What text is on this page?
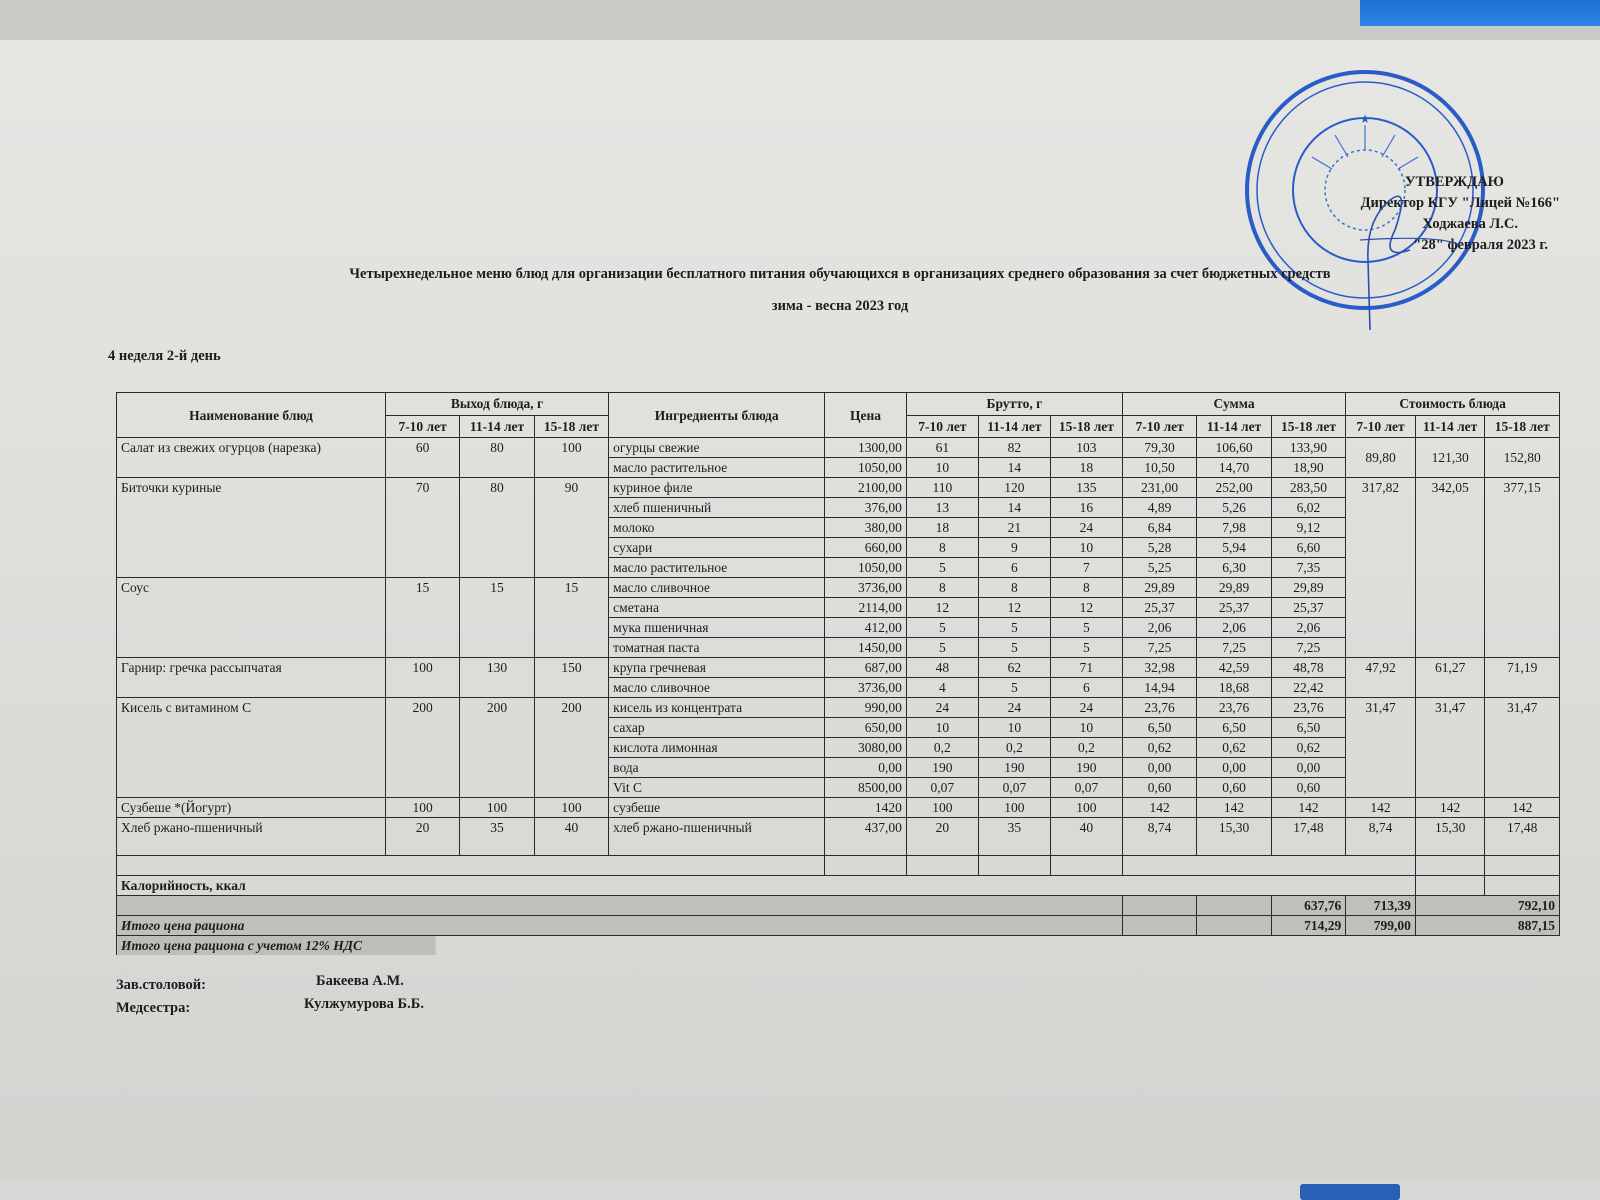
★
УТВЕРЖДАЮ
Директор КГУ "Лицей №166"
Ходжаева Л.С.
"28" февраля 2023 г.
Четырехнедельное меню блюд для организации бесплатного питания обучающихся в организациях среднего образования за счет бюджетных средств
зима - весна 2023 год
4 неделя 2-й день
Наименование блюд	Выход блюда, г			Ингредиенты блюда	Цена	Брутто, г			Сумма			Стоимость блюда		
	7-10 лет	11-14 лет	15-18 лет			7-10 лет	11-14 лет	15-18 лет	7-10 лет	11-14 лет	15-18 лет	7-10 лет	11-14 лет	15-18 лет
Салат из свежих огурцов (нарезка)	60	80	100	огурцы свежие	1300,00	61	82	103	79,30	106,60	133,90	89,80	121,30	152,80
				масло растительное	1050,00	10	14	18	10,50	14,70	18,90			
Биточки куриные	70	80	90	куриное филе	2100,00	110	120	135	231,00	252,00	283,50	317,82	342,05	377,15
				хлеб пшеничный	376,00	13	14	16	4,89	5,26	6,02			
				молоко	380,00	18	21	24	6,84	7,98	9,12			
				сухари	660,00	8	9	10	5,28	5,94	6,60			
				масло растительное	1050,00	5	6	7	5,25	6,30	7,35			
Соус	15	15	15	масло сливочное	3736,00	8	8	8	29,89	29,89	29,89			
				сметана	2114,00	12	12	12	25,37	25,37	25,37			
				мука пшеничная	412,00	5	5	5	2,06	2,06	2,06			
				томатная паста	1450,00	5	5	5	7,25	7,25	7,25			
Гарнир: гречка рассыпчатая	100	130	150	крупа гречневая	687,00	48	62	71	32,98	42,59	48,78	47,92	61,27	71,19
				масло сливочное	3736,00	4	5	6	14,94	18,68	22,42			
Кисель с витамином С	200	200	200	кисель из концентрата	990,00	24	24	24	23,76	23,76	23,76	31,47	31,47	31,47
				сахар	650,00	10	10	10	6,50	6,50	6,50			
				кислота лимонная	3080,00	0,2	0,2	0,2	0,62	0,62	0,62			
				вода	0,00	190	190	190	0,00	0,00	0,00			
				Vit C	8500,00	0,07	0,07	0,07	0,60	0,60	0,60			
Сузбеше *(Йогурт)	100	100	100	сузбеше	1420	100	100	100	142	142	142	142	142	142
Хлеб ржано-пшеничный	20	35	40	хлеб ржано-пшеничный	437,00	20	35	40	8,74	15,30	17,48	8,74	15,30	17,48

Калорийность, ккал														
											637,76	713,39	792,10
Итого цена рациона											714,29	799,00	887,15	
Итого цена рациона с учетом 12% НДС														
Зав.столовой:	Бакеева А.М.
Медсестра:	Кулжумурова Б.Б.
